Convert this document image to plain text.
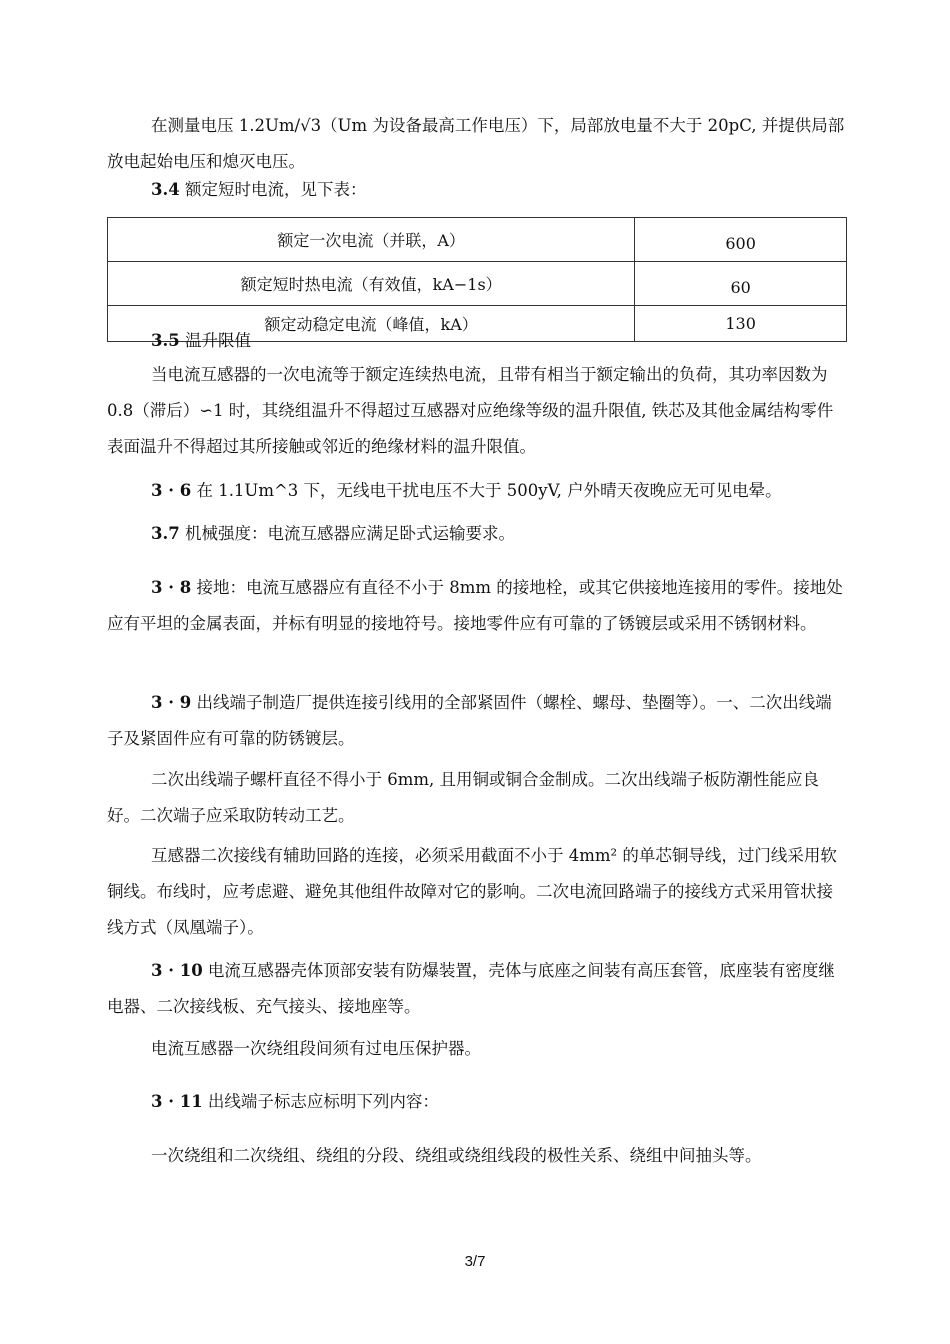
在测量电压 1.2Um/√3（Um 为设备最高工作电压）下，局部放电量不大于 20pC, 并提供局部放电起始电压和熄灭电压。

3.4 额定短时电流，见下表：

额定一次电流（并联，A）	600
额定短时热电流（有效值，kA−1s）	60
额定动稳定电流（峰值，kA）	130

3.5 温升限值

当电流互感器的一次电流等于额定连续热电流，且带有相当于额定输出的负荷，其功率因数为 0.8（滞后）∽1 时，其绕组温升不得超过互感器对应绝缘等级的温升限值, 铁芯及其他金属结构零件表面温升不得超过其所接触或邻近的绝缘材料的温升限值。

3 · 6 在 1.1Um^3 下，无线电干扰电压不大于 500yV, 户外晴天夜晚应无可见电晕。

3.7 机械强度：电流互感器应满足卧式运输要求。

3 · 8 接地：电流互感器应有直径不小于 8mm 的接地栓，或其它供接地连接用的零件。接地处应有平坦的金属表面，并标有明显的接地符号。接地零件应有可靠的了锈镀层或采用不锈钢材料。

3 · 9 出线端子制造厂提供连接引线用的全部紧固件（螺栓、螺母、垫圈等）。一、二次出线端子及紧固件应有可靠的防锈镀层。

二次出线端子螺杆直径不得小于 6mm, 且用铜或铜合金制成。二次出线端子板防潮性能应良好。二次端子应采取防转动工艺。

互感器二次接线有辅助回路的连接，必须采用截面不小于 4mm² 的单芯铜导线，过门线采用软铜线。布线时，应考虑避、避免其他组件故障对它的影响。二次电流回路端子的接线方式采用管状接线方式（凤凰端子）。

3 · 10 电流互感器壳体顶部安装有防爆装置，壳体与底座之间装有高压套管，底座装有密度继电器、二次接线板、充气接头、接地座等。

电流互感器一次绕组段间须有过电压保护器。

3 · 11 出线端子标志应标明下列内容：

一次绕组和二次绕组、绕组的分段、绕组或绕组线段的极性关系、绕组中间抽头等。

3/7
